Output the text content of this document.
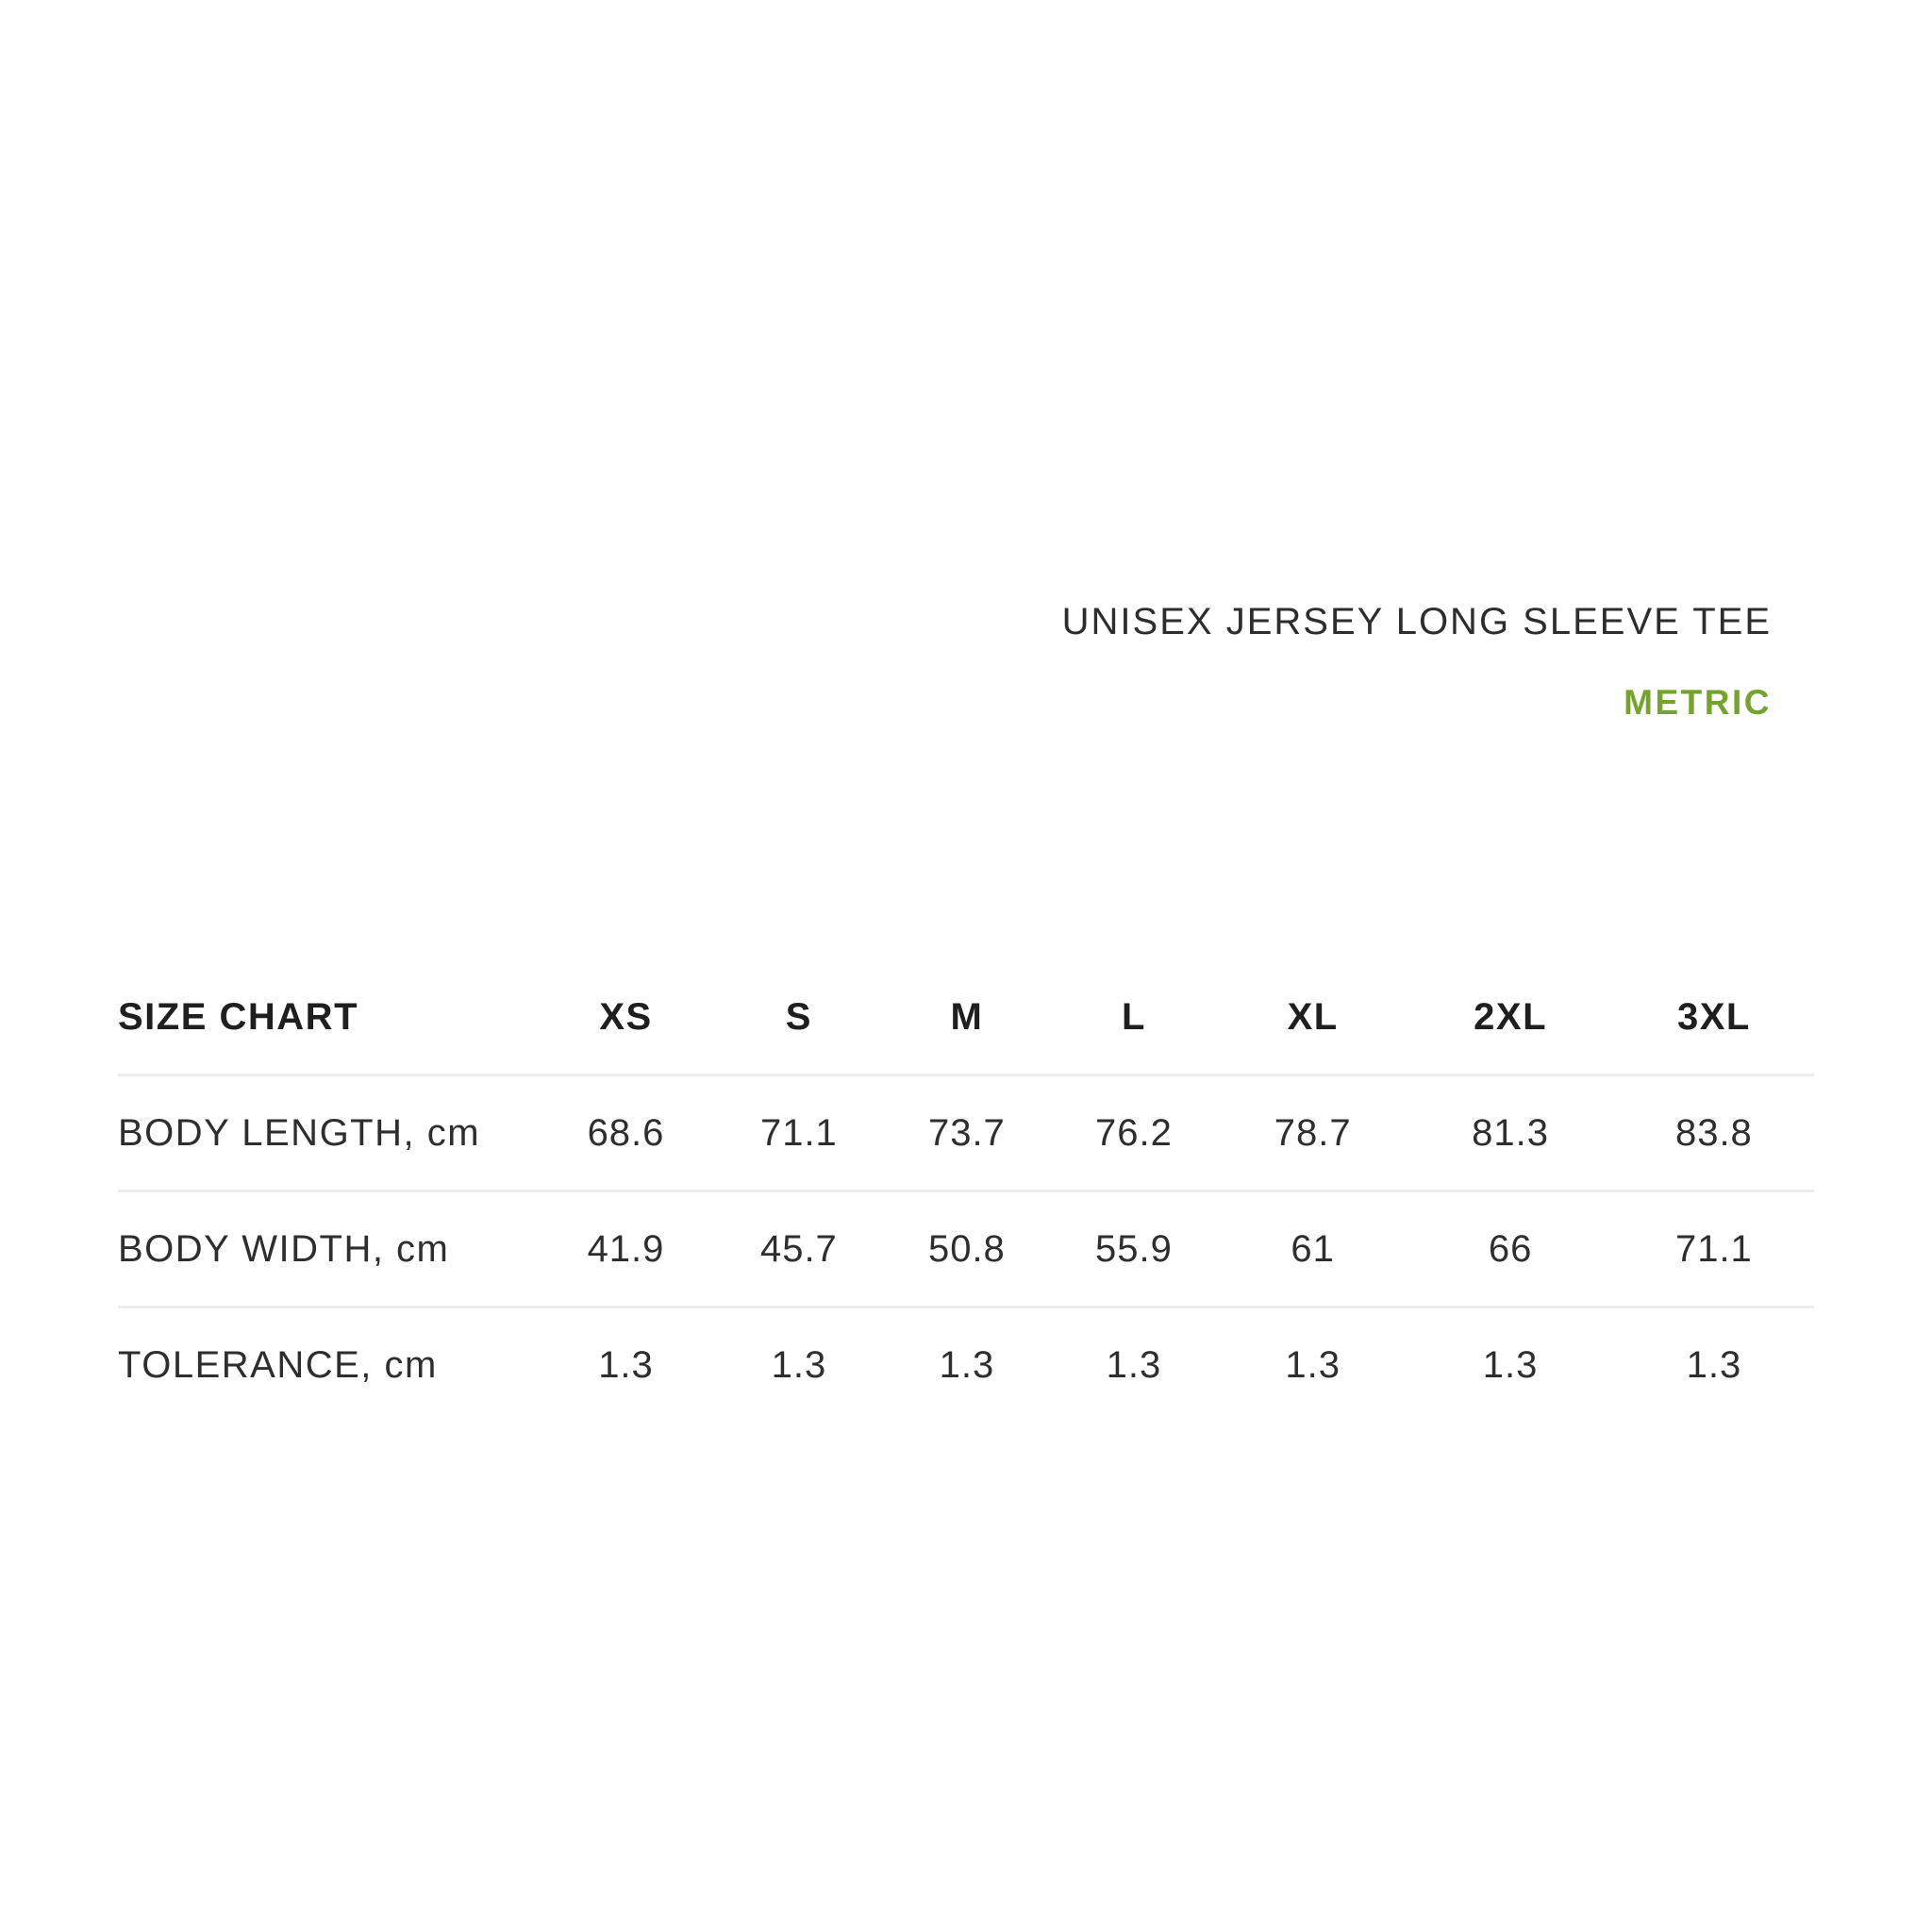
UNISEX JERSEY LONG SLEEVE TEE
METRIC
SIZE CHART	XS	S	M	L	XL	2XL	3XL
BODY LENGTH, cm	68.6	71.1	73.7	76.2	78.7	81.3	83.8
BODY WIDTH, cm	41.9	45.7	50.8	55.9	61	66	71.1
TOLERANCE, cm	1.3	1.3	1.3	1.3	1.3	1.3	1.3
